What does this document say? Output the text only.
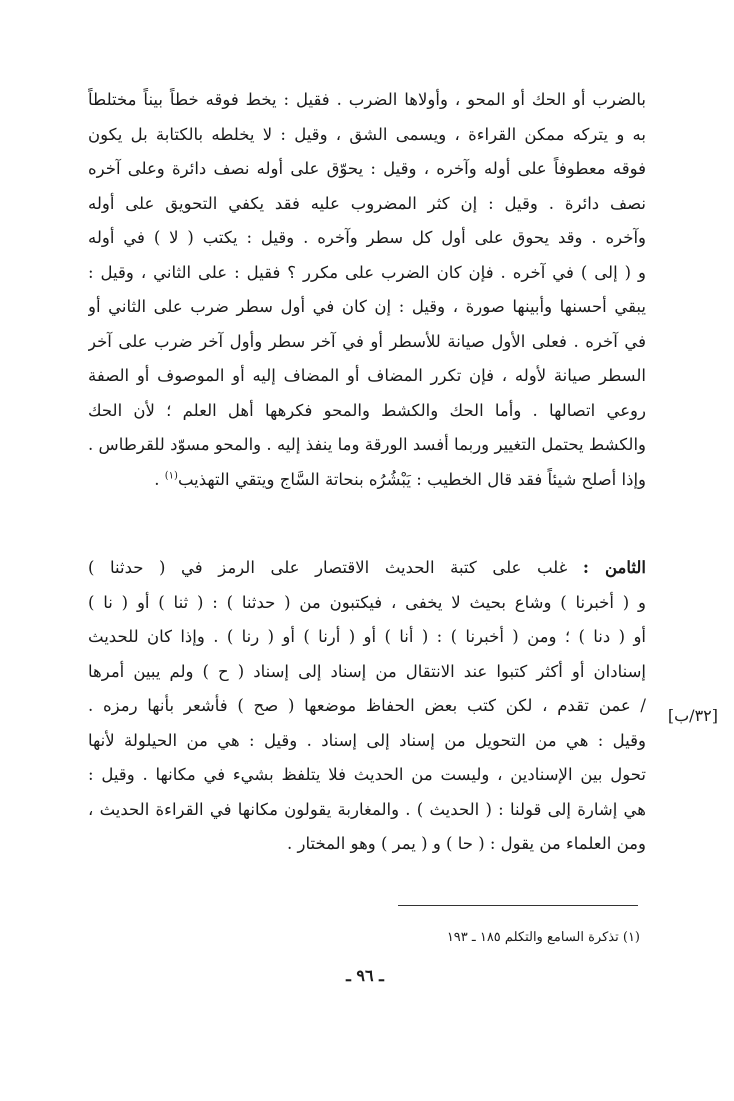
بالضرب أو الحك أو المحو ، وأولاها الضرب . فقيل : يخط فوقه خطاً بيناً مختلطاً
به و يتركه ممكن القراءة ، ويسمى الشق ، وقيل : لا يخلطه بالكتابة بل يكون
فوقه معطوفاً على أوله وآخره ، وقيل : يحوّق على أوله نصف دائرة وعلى آخره
نصف دائرة . وقيل : إن كثر المضروب عليه فقد يكفي التحويق على أوله
وآخره . وقد يحوق على أول كل سطر وآخره . وقيل : يكتب ( لا ) في أوله
و ( إلى ) في آخره . فإن كان الضرب على مكرر ؟ فقيل : على الثاني ، وقيل :
يبقي أحسنها وأبينها صورة ، وقيل : إن كان في أول سطر ضرب على الثاني أو
في آخره . فعلى الأول صيانة للأسطر أو في آخر سطر وأول آخر ضرب على آخر
السطر صيانة لأوله ، فإن تكرر المضاف أو المضاف إليه أو الموصوف أو الصفة
روعي اتصالها . وأما الحك والكشط والمحو فكرهها أهل العلم ؛ لأن الحك
والكشط يحتمل التغيير وربما أفسد الورقة وما ينفذ إليه . والمحو مسوّد للقرطاس .
وإذا أصلح شيئاً فقد قال الخطيب : يَبْشُرُه بنحاتة السَّاج ويتقي التهذيب$^{(١)}$ .
الثامن : غلب على كتبة الحديث الاقتصار على الرمز في ( حدثنا )
و ( أخبرنا ) وشاع بحيث لا يخفى ، فيكتبون من ( حدثنا ) : ( ثنا ) أو ( نا )
أو ( دنا ) ؛ ومن ( أخبرنا ) : ( أنا ) أو ( أرنا ) أو ( رنا ) . وإذا كان للحديث
إسنادان أو أكثر كتبوا عند الانتقال من إسناد إلى إسناد ( ح ) ولم يبين أمرها
/ عمن تقدم ، لكن كتب بعض الحفاظ موضعها ( صح ) فأشعر بأنها رمزه .
وقيل : هي من التحويل من إسناد إلى إسناد . وقيل : هي من الحيلولة لأنها
تحول بين الإسنادين ، وليست من الحديث فلا يتلفظ بشيء في مكانها . وقيل :
هي إشارة إلى قولنا : ( الحديث ) . والمغاربة يقولون مكانها في القراءة الحديث ،
ومن العلماء من يقول : ( حا ) و ( يمر ) وهو المختار .
[٣٢/ب]
(١) تذكرة السامع والتكلم ١٨٥ ـ ١٩٣
ـ ٩٦ ـ
